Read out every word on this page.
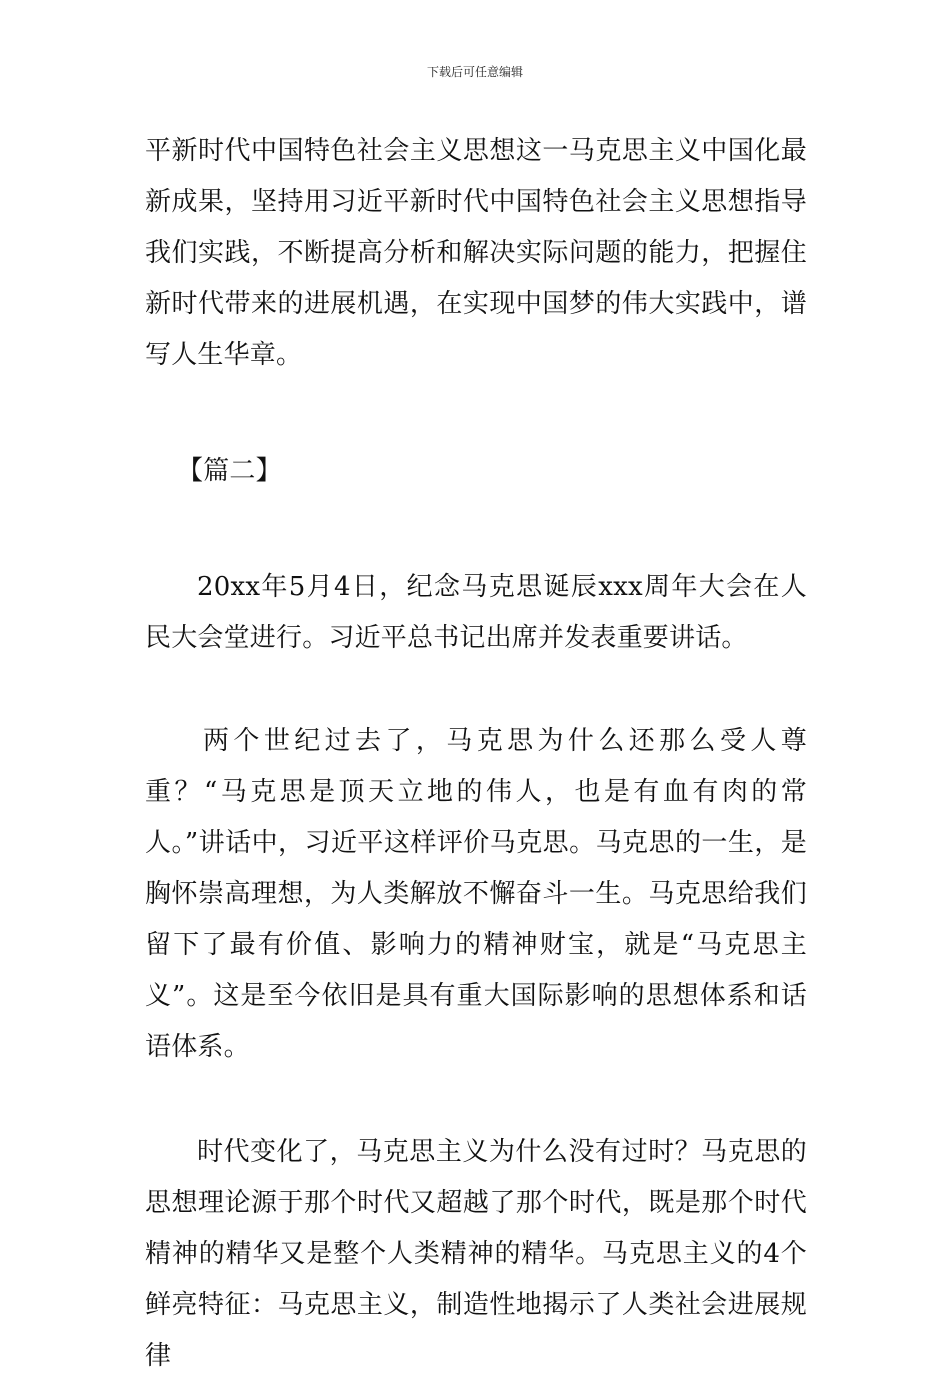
下载后可任意编辑

平新时代中国特色社会主义思想这一马克思主义中国化最新成果，坚持用习近平新时代中国特色社会主义思想指导我们实践，不断提高分析和解决实际问题的能力，把握住新时代带来的进展机遇，在实现中国梦的伟大实践中，谱写人生华章。

【篇二】

20xx年5月4日，纪念马克思诞辰xxx周年大会在人民大会堂进行。习近平总书记出席并发表重要讲话。

两个世纪过去了，马克思为什么还那么受人尊重？“马克思是顶天立地的伟人，也是有血有肉的常人。”讲话中，习近平这样评价马克思。马克思的一生，是胸怀崇高理想，为人类解放不懈奋斗一生。马克思给我们留下了最有价值、影响力的精神财宝，就是“马克思主义”。这是至今依旧是具有重大国际影响的思想体系和话语体系。

时代变化了，马克思主义为什么没有过时？马克思的思想理论源于那个时代又超越了那个时代，既是那个时代精神的精华又是整个人类精神的精华。马克思主义的4个鲜亮特征：马克思主义，制造性地揭示了人类社会进展规律
